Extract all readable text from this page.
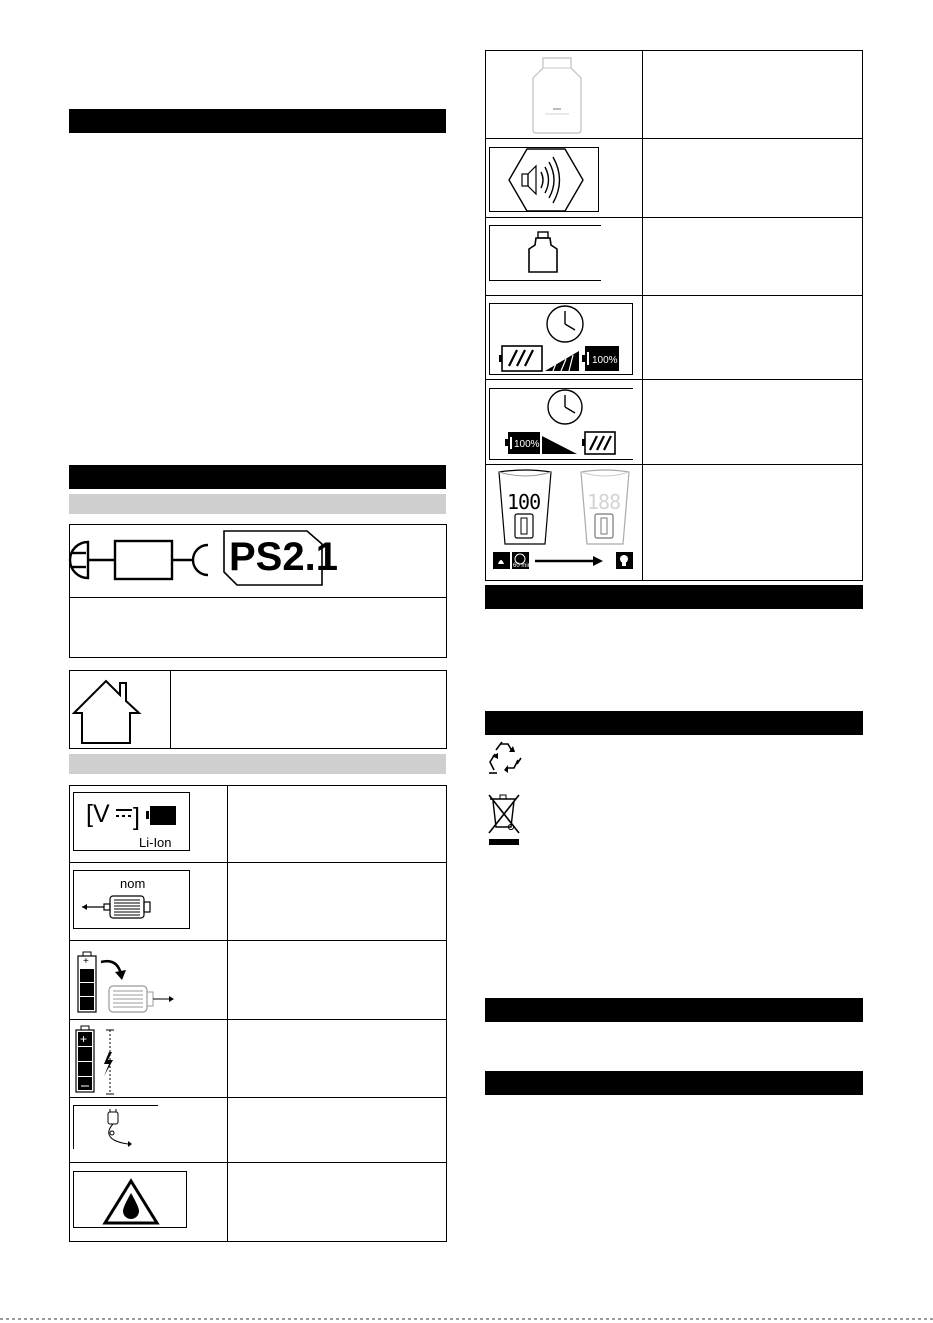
PS2.1
[V ]
Li-Ion
nom
+
+
100%
100%
100 188
60 min
